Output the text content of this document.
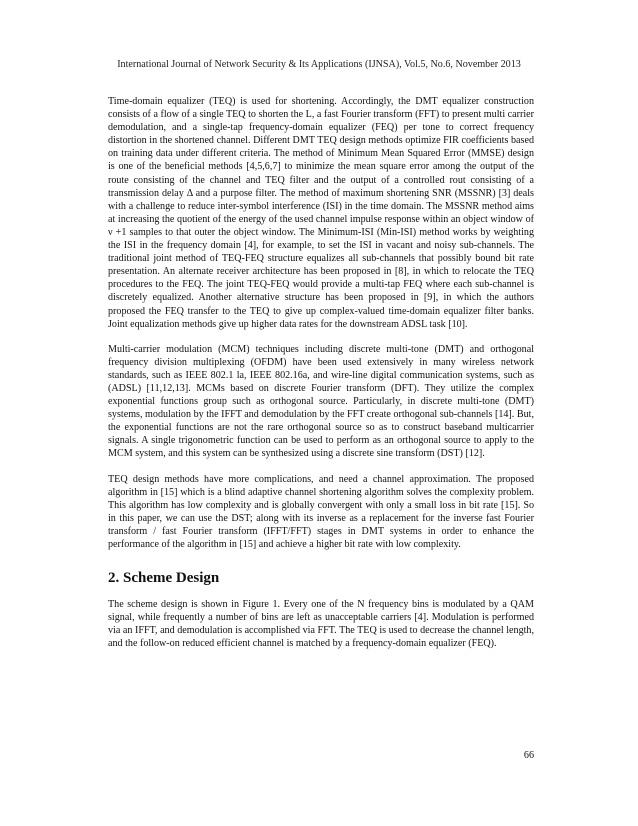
International Journal of Network Security & Its Applications (IJNSA), Vol.5, No.6, November 2013

Time-domain equalizer (TEQ) is used for shortening. Accordingly, the DMT equalizer construction consists of a flow of a single TEQ to shorten the L, a fast Fourier transform (FFT) to present multi carrier demodulation, and a single-tap frequency-domain equalizer (FEQ) per tone to correct frequency distortion in the shortened channel. Different DMT TEQ design methods optimize FIR coefficients based on training data under different criteria. The method of Minimum Mean Squared Error (MMSE) design is one of the beneficial methods [4,5,6,7] to minimize the mean square error among the output of the route consisting of the channel and TEQ filter and the output of a controlled rout consisting of a transmission delay Δ and a purpose filter. The method of maximum shortening SNR (MSSNR) [3] deals with a challenge to reduce inter-symbol interference (ISI) in the time domain. The MSSNR method aims at increasing the quotient of the energy of the used channel impulse response within an object window of ν +1 samples to that outer the object window. The Minimum-ISI (Min-ISI) method works by weighting the ISI in the frequency domain [4], for example, to set the ISI in vacant and noisy sub-channels. The traditional joint method of TEQ-FEQ structure equalizes all sub-channels that possibly bound bit rate presentation. An alternate receiver architecture has been proposed in [8], in which to relocate the TEQ procedures to the FEQ. The joint TEQ-FEQ would provide a multi-tap FEQ where each sub-channel is discretely equalized. Another alternative structure has been proposed in [9], in which the authors proposed the FEQ transfer to the TEQ to give up complex-valued time-domain equalizer filter banks. Joint equalization methods give up higher data rates for the downstream ADSL task [10].

Multi-carrier modulation (MCM) techniques including discrete multi-tone (DMT) and orthogonal frequency division multiplexing (OFDM) have been used extensively in many wireless network standards, such as IEEE 802.1 la, IEEE 802.16a, and wire-line digital communication systems, such as (ADSL) [11,12,13]. MCMs based on discrete Fourier transform (DFT). They utilize the complex exponential functions group such as orthogonal source. Particularly, in discrete multi-tone (DMT) systems, modulation by the IFFT and demodulation by the FFT create orthogonal sub-channels [14]. But, the exponential functions are not the rare orthogonal source so as to construct baseband multicarrier signals. A single trigonometric function can be used to perform as an orthogonal source to apply to the MCM system, and this system can be synthesized using a discrete sine transform (DST) [12].

TEQ design methods have more complications, and need a channel approximation. The proposed algorithm in [15] which is a blind adaptive channel shortening algorithm solves the complexity problem. This algorithm has low complexity and is globally convergent with only a small loss in bit rate [15]. So in this paper, we can use the DST; along with its inverse as a replacement for the inverse fast Fourier transform / fast Fourier transform (IFFT/FFT) stages in DMT systems in order to enhance the performance of the algorithm in [15] and achieve a higher bit rate with low complexity.

2. Scheme Design

The scheme design is shown in Figure 1. Every one of the N frequency bins is modulated by a QAM signal, while frequently a number of bins are left as unacceptable carriers [4]. Modulation is performed via an IFFT, and demodulation is accomplished via FFT. The TEQ is used to decrease the channel length, and the follow-on reduced efficient channel is matched by a frequency-domain equalizer (FEQ).

66
